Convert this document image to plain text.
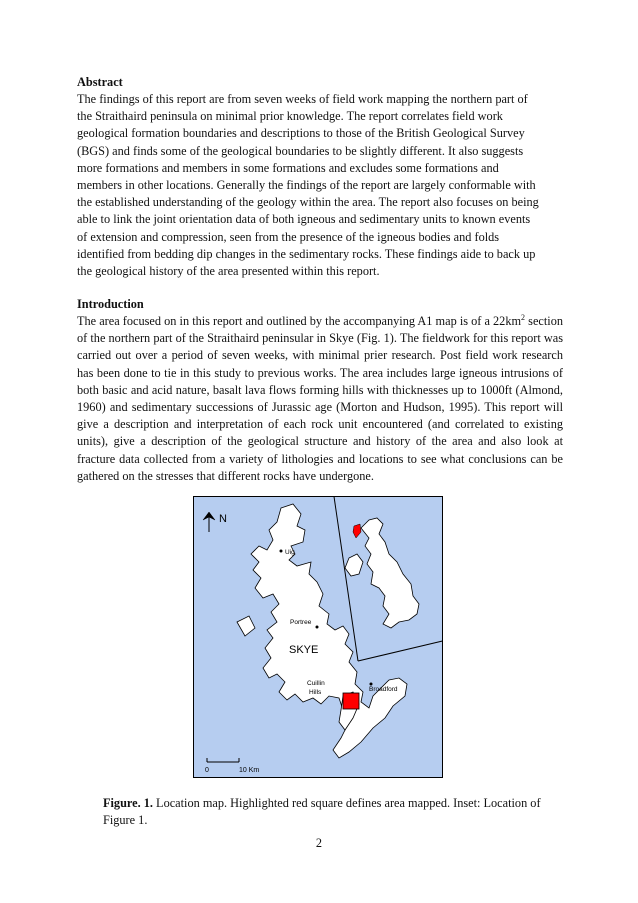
Abstract
The findings of this report are from seven weeks of field work mapping the northern part of
the Straithaird peninsula on minimal prior knowledge. The report correlates field work
geological formation boundaries and descriptions to those of the British Geological Survey
(BGS) and finds some of the geological boundaries to be slightly different. It also suggests
more formations and members in some formations and excludes some formations and
members in other locations. Generally the findings of the report are largely conformable with
the established understanding of the geology within the area. The report also focuses on being
able to link the joint orientation data of both igneous and sedimentary units to known events
of extension and compression, seen from the presence of the igneous bodies and folds
identified from bedding dip changes in the sedimentary rocks. These findings aide to back up
the geological history of the area presented within this report.
Introduction
The area focused on in this report and outlined by the accompanying A1 map is of a $22km^2$ section of the northern part of the Straithaird peninsular in Skye (Fig. 1). The fieldwork for this report was carried out over a period of seven weeks, with minimal prier research. Post field work research has been done to tie in this study to previous works. The area includes large igneous intrusions of both basic and acid nature, basalt lava flows forming hills with thicknesses up to 1000ft (Almond, 1960) and sedimentary successions of Jurassic age (Morton and Hudson, 1995). This report will give a description and interpretation of each rock unit encountered (and correlated to existing units), give a description of the geological structure and history of the area and also look at fracture data collected from a variety of lithologies and locations to see what conclusions can be gathered on the stresses that different rocks have undergone.
N
Uig
Portree
SKYE
Cuillin
Hills	Broadford
0	10 Km
Figure. 1. Location map. Highlighted red square defines area mapped. Inset: Location of Figure 1.
2
